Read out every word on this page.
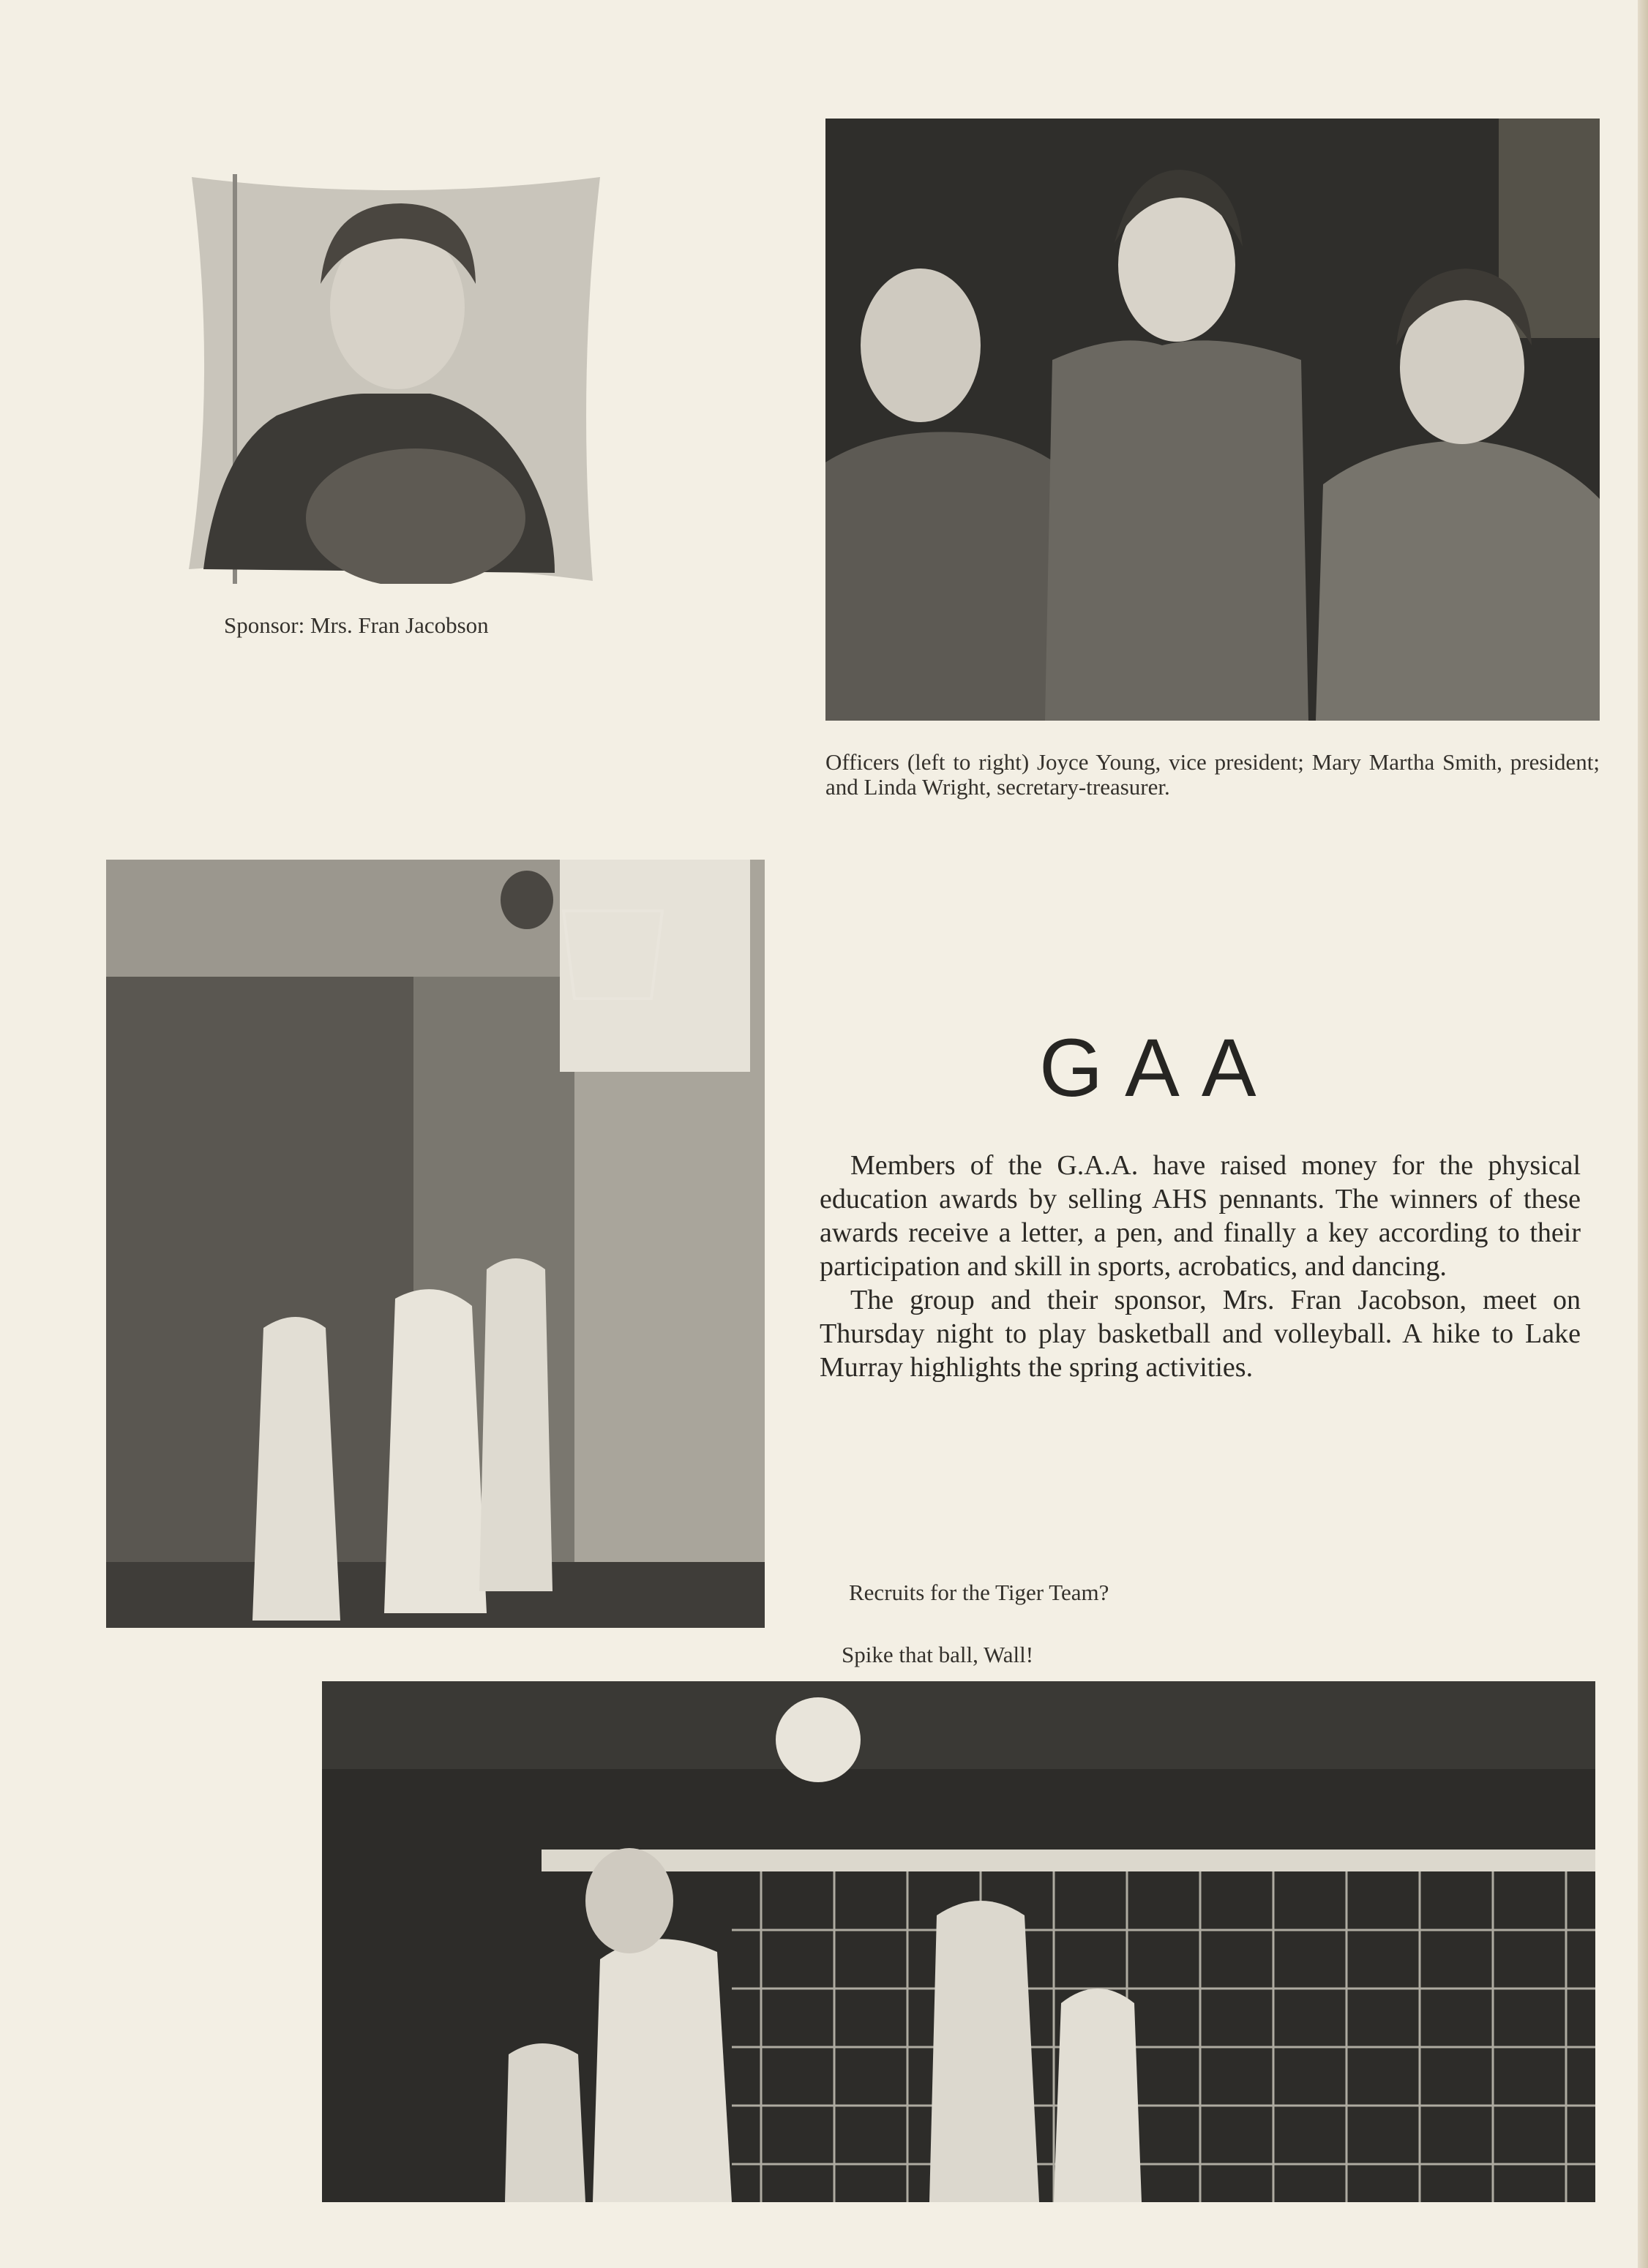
Sponsor: Mrs. Fran Jacobson
Officers (left to right) Joyce Young, vice president; Mary Martha Smith, president; and Linda Wright, secretary-treasurer.
Recruits for the Tiger Team?
GAA

Members of the G.A.A. have raised money for the physical education awards by selling AHS pennants. The winners of these awards receive a letter, a pen, and finally a key according to their participation and skill in sports, acrobatics, and dancing.

The group and their sponsor, Mrs. Fran Jacobson, meet on Thursday night to play basketball and volleyball. A hike to Lake Murray highlights the spring activities.

Spike that ball, Wall!
